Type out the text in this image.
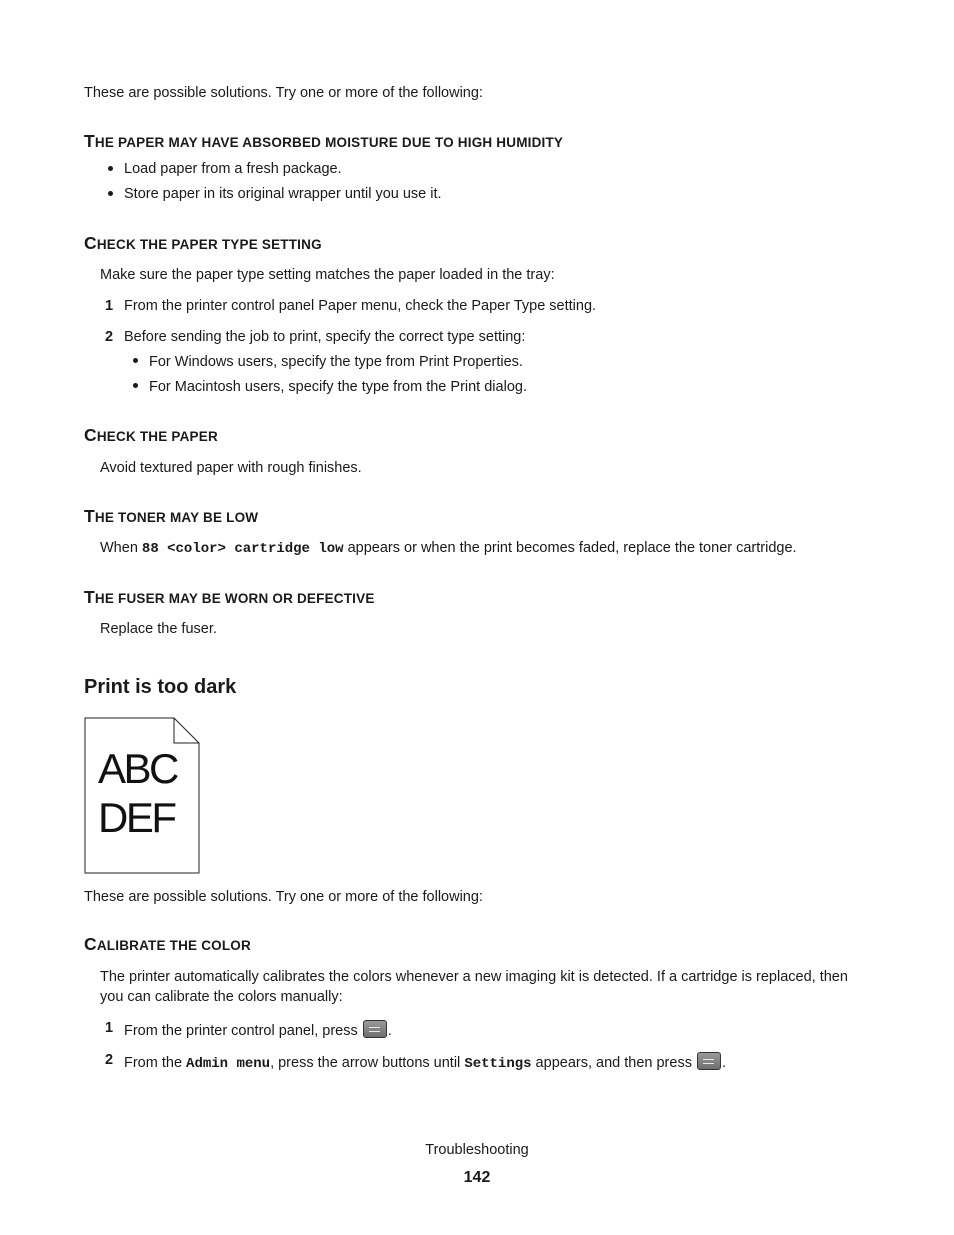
These are possible solutions. Try one or more of the following:
THE PAPER MAY HAVE ABSORBED MOISTURE DUE TO HIGH HUMIDITY
Load paper from a fresh package.
Store paper in its original wrapper until you use it.
CHECK THE PAPER TYPE SETTING
Make sure the paper type setting matches the paper loaded in the tray:
1 From the printer control panel Paper menu, check the Paper Type setting.
2 Before sending the job to print, specify the correct type setting:
For Windows users, specify the type from Print Properties.
For Macintosh users, specify the type from the Print dialog.
CHECK THE PAPER
Avoid textured paper with rough finishes.
THE TONER MAY BE LOW
When 88 <color> cartridge low appears or when the print becomes faded, replace the toner cartridge.
THE FUSER MAY BE WORN OR DEFECTIVE
Replace the fuser.
Print is too dark
ABC
DEF
These are possible solutions. Try one or more of the following:
CALIBRATE THE COLOR
The printer automatically calibrates the colors whenever a new imaging kit is detected. If a cartridge is replaced, then
you can calibrate the colors manually:
1 From the printer control panel, press .
2 From the Admin menu, press the arrow buttons until Settings appears, and then press .
Troubleshooting
142
